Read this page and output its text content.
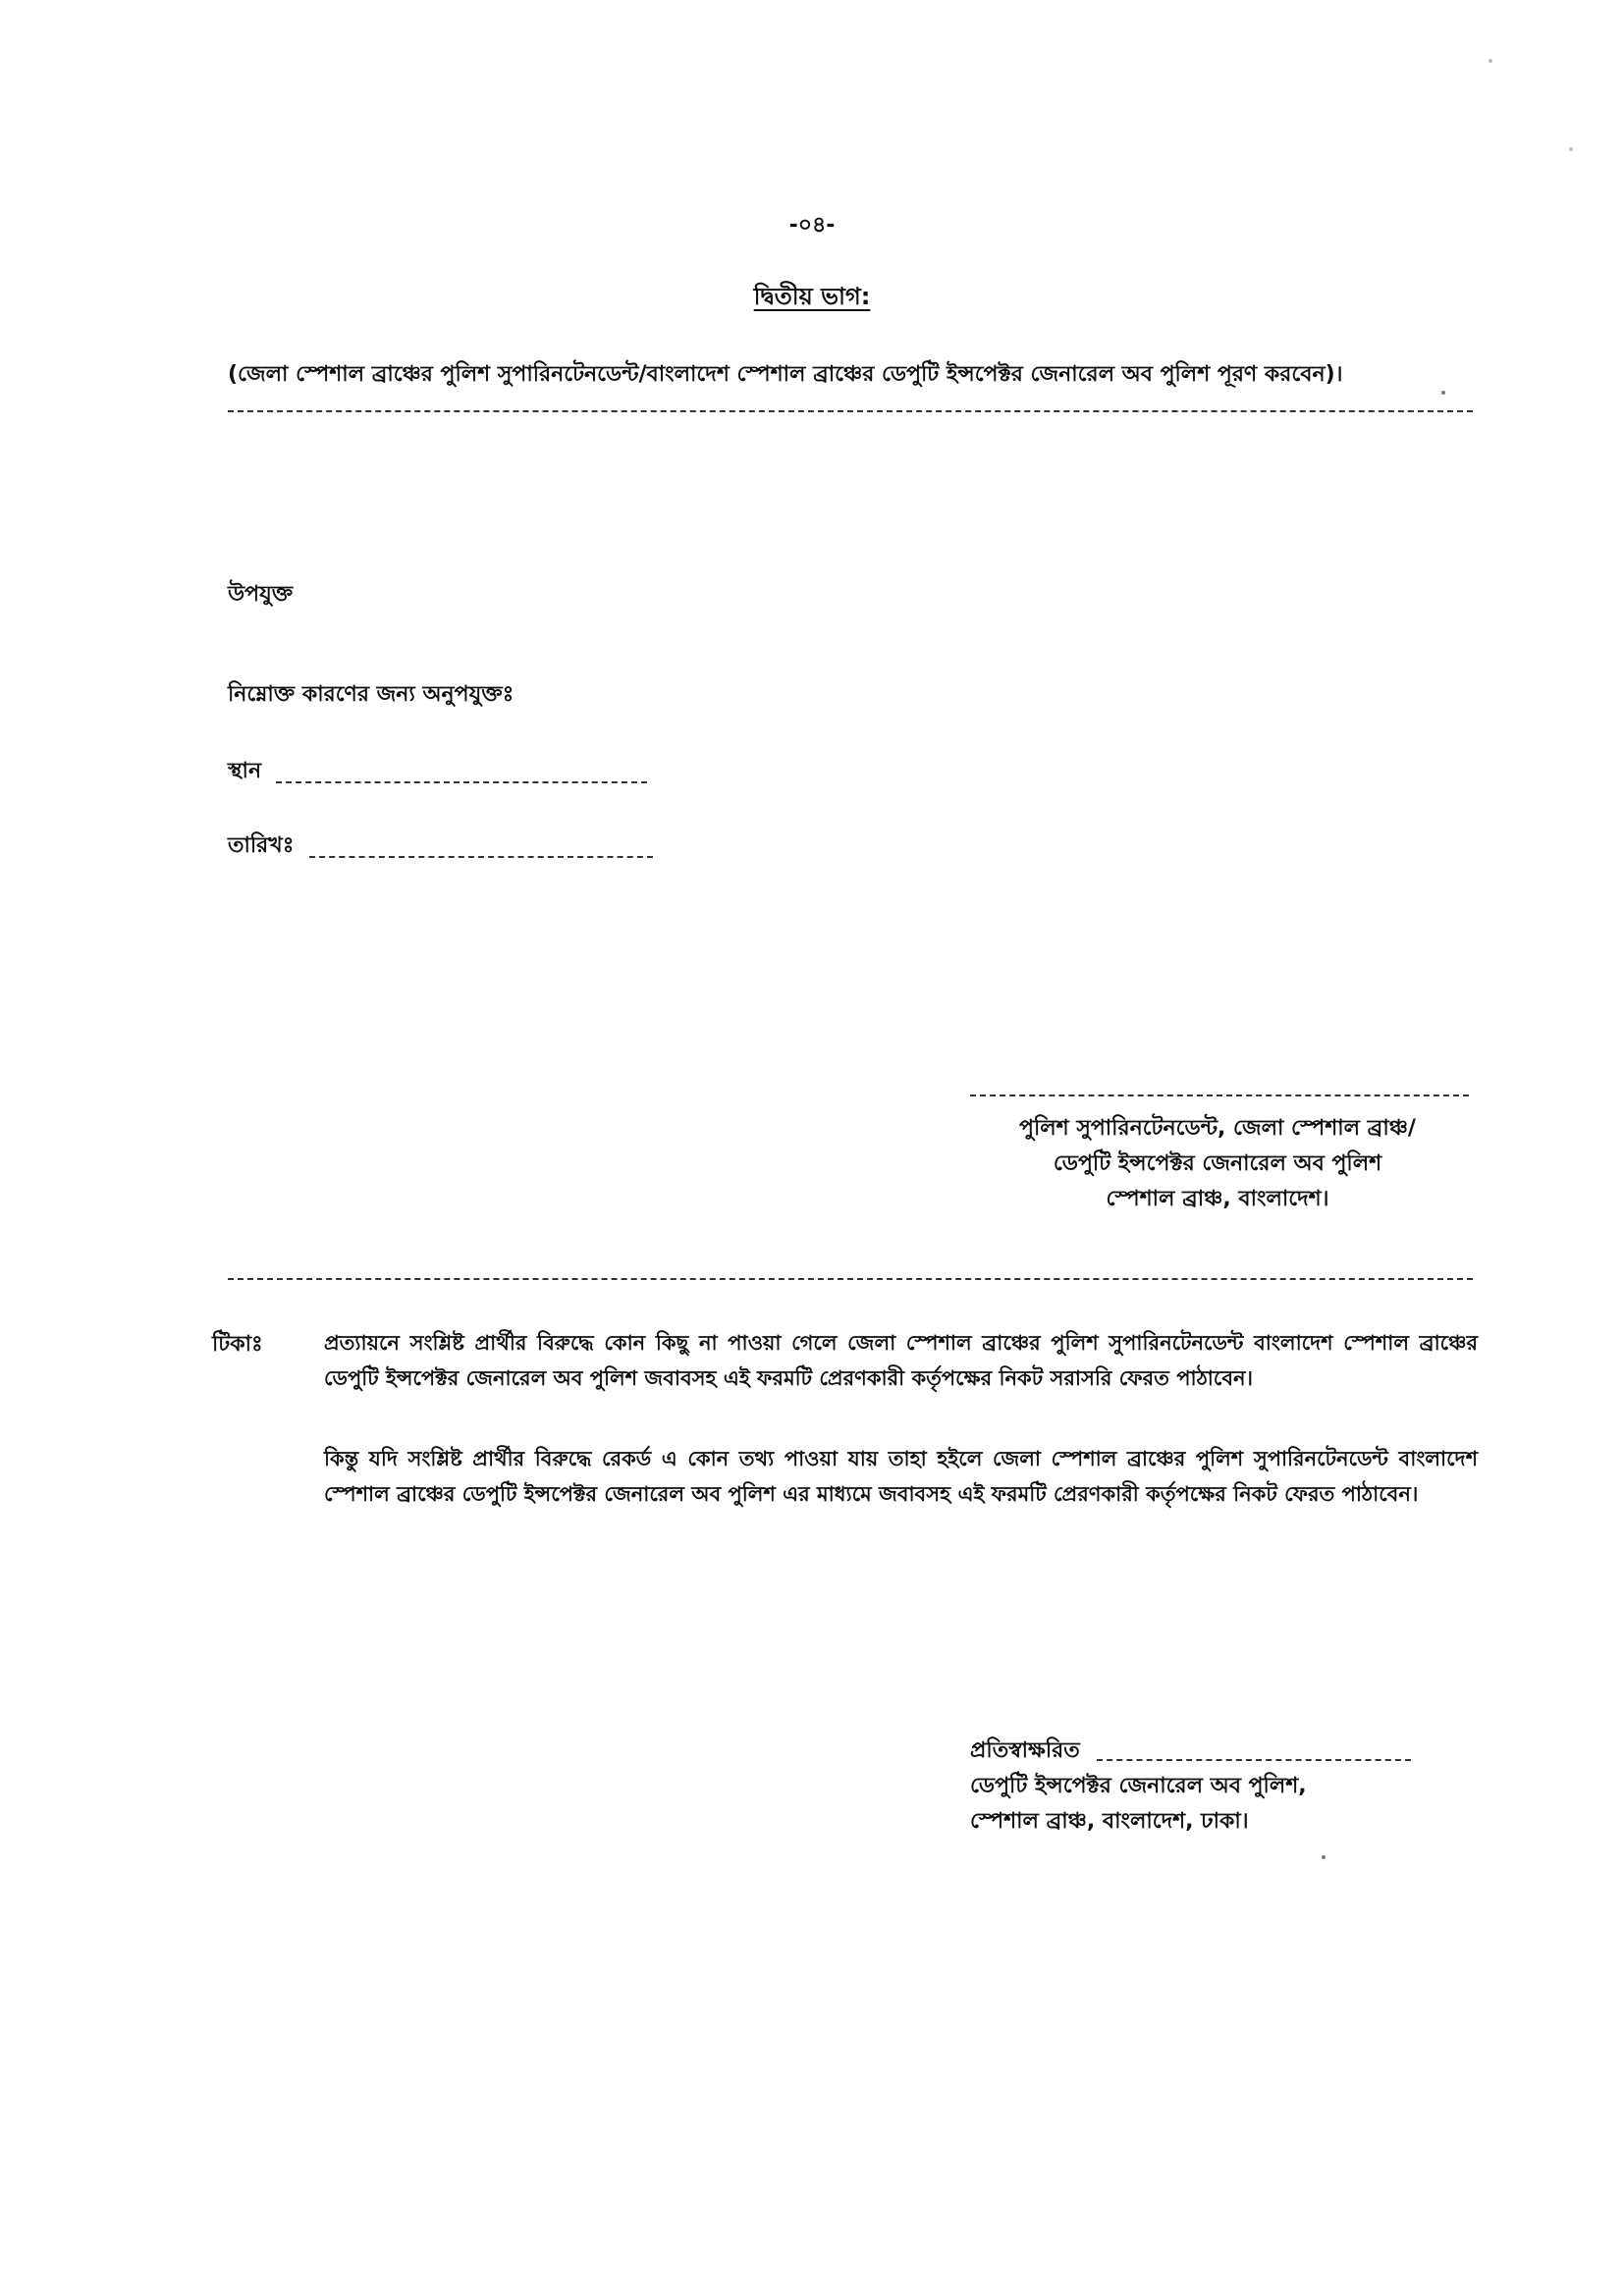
-০৪-
দ্বিতীয় ভাগ:
(জেলা স্পেশাল ব্রাঞ্চের পুলিশ সুপারিনটেনডেন্ট/বাংলাদেশ স্পেশাল ব্রাঞ্চের ডেপুটি ইন্সপেক্টর জেনারেল অব পুলিশ পূরণ করবেন)।
উপযুক্ত
নিম্নোক্ত কারণের জন্য অনুপযুক্তঃ
স্থান
তারিখঃ
পুলিশ সুপারিনটেনডেন্ট, জেলা স্পেশাল ব্রাঞ্চ/
ডেপুটি ইন্সপেক্টর জেনারেল অব পুলিশ
স্পেশাল ব্রাঞ্চ, বাংলাদেশ।
টিকাঃ	প্রত্যায়নে সংশ্লিষ্ট প্রার্থীর বিরুদ্ধে কোন কিছু না পাওয়া গেলে জেলা স্পেশাল ব্রাঞ্চের পুলিশ সুপারিনটেনডেন্ট বাংলাদেশ স্পেশাল ব্রাঞ্চের ডেপুটি ইন্সপেক্টর জেনারেল অব পুলিশ জবাবসহ এই ফরমটি প্রেরণকারী কর্তৃপক্ষের নিকট সরাসরি ফেরত পাঠাবেন।
কিন্তু যদি সংশ্লিষ্ট প্রার্থীর বিরুদ্ধে রেকর্ড এ কোন তথ্য পাওয়া যায় তাহা হইলে জেলা স্পেশাল ব্রাঞ্চের পুলিশ সুপারিনটেনডেন্ট বাংলাদেশ স্পেশাল ব্রাঞ্চের ডেপুটি ইন্সপেক্টর জেনারেল অব পুলিশ এর মাধ্যমে জবাবসহ এই ফরমটি প্রেরণকারী কর্তৃপক্ষের নিকট ফেরত পাঠাবেন।
প্রতিস্বাক্ষরিত
ডেপুটি ইন্সপেক্টর জেনারেল অব পুলিশ,
স্পেশাল ব্রাঞ্চ, বাংলাদেশ, ঢাকা।
